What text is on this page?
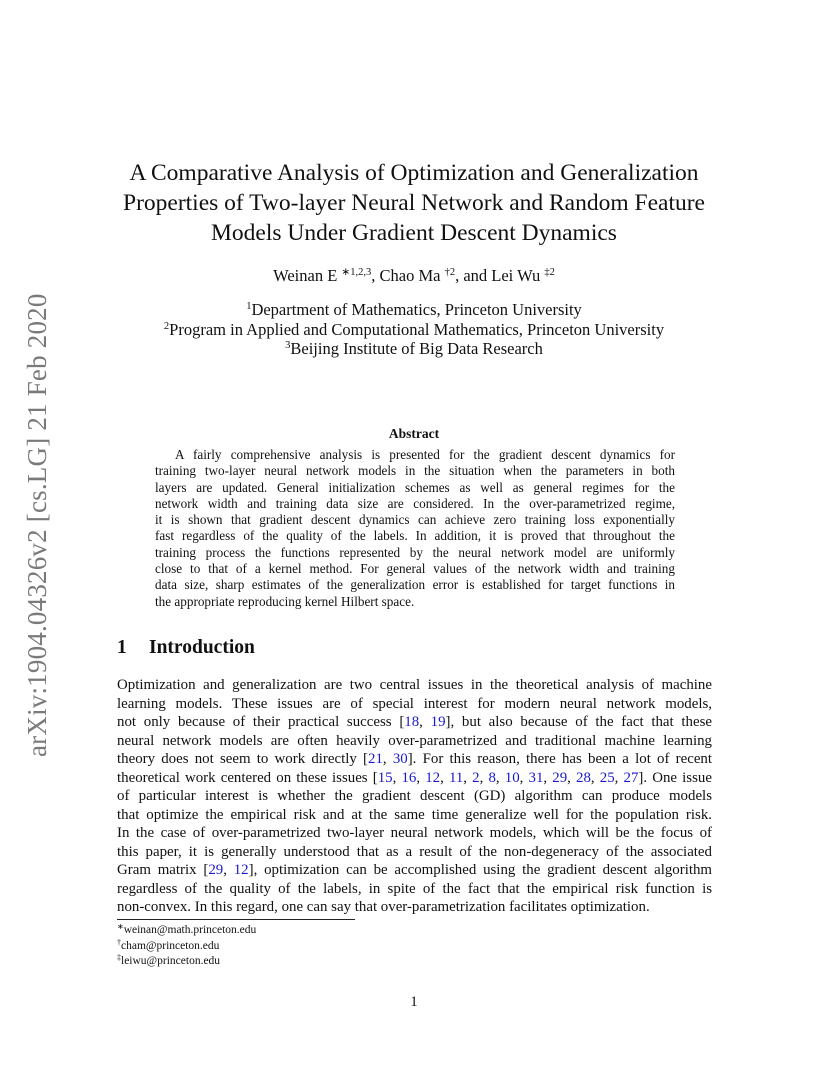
arXiv:1904.04326v2 [cs.LG] 21 Feb 2020
A Comparative Analysis of Optimization and Generalization
Properties of Two-layer Neural Network and Random Feature
Models Under Gradient Descent Dynamics
Weinan E $^{∗1,2,3}$, Chao Ma $^{\dagger 2}$, and Lei Wu $^{\ddagger 2}$
$^1$Department of Mathematics, Princeton University
$^2$Program in Applied and Computational Mathematics, Princeton University
$^3$Beijing Institute of Big Data Research
Abstract
A fairly comprehensive analysis is presented for the gradient descent dynamics for
training two-layer neural network models in the situation when the parameters in both
layers are updated. General initialization schemes as well as general regimes for the
network width and training data size are considered. In the over-parametrized regime,
it is shown that gradient descent dynamics can achieve zero training loss exponentially
fast regardless of the quality of the labels. In addition, it is proved that throughout the
training process the functions represented by the neural network model are uniformly
close to that of a kernel method. For general values of the network width and training
data size, sharp estimates of the generalization error is established for target functions in
the appropriate reproducing kernel Hilbert space.
1 Introduction
Optimization and generalization are two central issues in the theoretical analysis of machine
learning models. These issues are of special interest for modern neural network models,
not only because of their practical success [18, 19], but also because of the fact that these
neural network models are often heavily over-parametrized and traditional machine learning
theory does not seem to work directly [21, 30]. For this reason, there has been a lot of recent
theoretical work centered on these issues [15, 16, 12, 11, 2, 8, 10, 31, 29, 28, 25, 27]. One issue
of particular interest is whether the gradient descent (GD) algorithm can produce models
that optimize the empirical risk and at the same time generalize well for the population risk.
In the case of over-parametrized two-layer neural network models, which will be the focus of
this paper, it is generally understood that as a result of the non-degeneracy of the associated
Gram matrix [29, 12], optimization can be accomplished using the gradient descent algorithm
regardless of the quality of the labels, in spite of the fact that the empirical risk function is
non-convex. In this regard, one can say that over-parametrization facilitates optimization.
∗weinan@math.princeton.edu
†cham@princeton.edu
‡leiwu@princeton.edu
1
